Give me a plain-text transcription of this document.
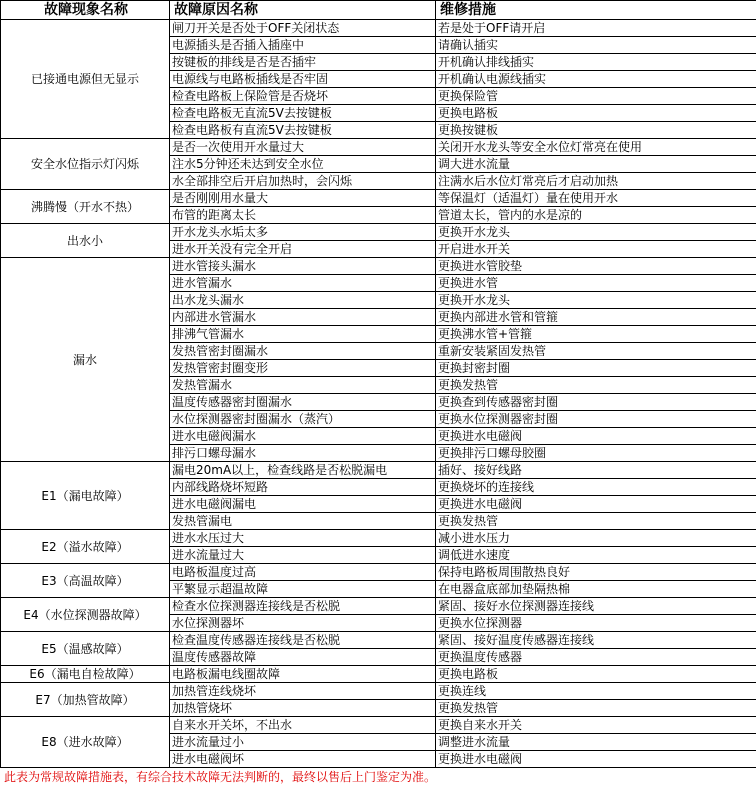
故障现象名称	故障原因名称	维修措施
已接通电源但无显示	闸刀开关是否处于OFF关闭状态	若是处于OFF请开启
	电源插头是否插入插座中	请确认插实
	按键板的排线是否是否插牢	开机确认排线插实
	电源线与电路板插线是否牢固	开机确认电源线插实
	检查电路板上保险管是否烧坏	更换保险管
	检查电路板无直流5V去按键板	更换电路板
	检查电路板有直流5V去按键板	更换按键板
安全水位指示灯闪烁	是否一次使用开水量过大	关闭开水龙头等安全水位灯常亮在使用
	注水5分钟还未达到安全水位	调大进水流量
	水全部排空后开启加热时，会闪烁	注满水后水位灯常亮后才启动加热
沸腾慢（开水不热）	是否刚刚用水量大	等保温灯（适温灯）量在使用开水
	布管的距离太长	管道太长，管内的水是凉的
出水小	开水龙头水垢太多	更换开水龙头
	进水开关没有完全开启	开启进水开关
漏水	进水管接头漏水	更换进水管胶垫
	进水管漏水	更换进水管
	出水龙头漏水	更换开水龙头
	内部进水管漏水	更换内部进水管和管箍
	排沸气管漏水	更换沸水管+管箍
	发热管密封圈漏水	重新安装紧固发热管
	发热管密封圈变形	更换封密封圈
	发热管漏水	更换发热管
	温度传感器密封圈漏水	更换查到传感器密封圈
	水位探测器密封圈漏水（蒸汽）	更换水位探测器密封圈
	进水电磁阀漏水	更换进水电磁阀
	排污口螺母漏水	更换排污口螺母胶圈
E1（漏电故障）	漏电20mA以上，检查线路是否松脱漏电	插好、接好线路
	内部线路烧坏短路	更换烧坏的连接线
	进水电磁阀漏电	更换进水电磁阀
	发热管漏电	更换发热管
E2（溢水故障）	进水水压过大	减小进水压力
	进水流量过大	调低进水速度
E3（高温故障）	电路板温度过高	保持电路板周围散热良好
	平繁显示超温故障	在电器盒底部加垫隔热棉
E4（水位探测器故障）	检查水位探测器连接线是否松脱	紧固、接好水位探测器连接线
	水位探测器坏	更换水位探测器
E5（温感故障）	检查温度传感器连接线是否松脱	紧固、接好温度传感器连接线
	温度传感器故障	更换温度传感器
E6（漏电自检故障）	电路板漏电线圈故障	更换电路板
E7（加热管故障）	加热管连线烧坏	更换连线
	加热管烧坏	更换发热管
E8（进水故障）	自来水开关坏，不出水	更换自来水开关
	进水流量过小	调整进水流量
	进水电磁阀坏	更换进水电磁阀
此表为常规故障措施表，有综合技术故障无法判断的，最终以售后上门鉴定为准。
